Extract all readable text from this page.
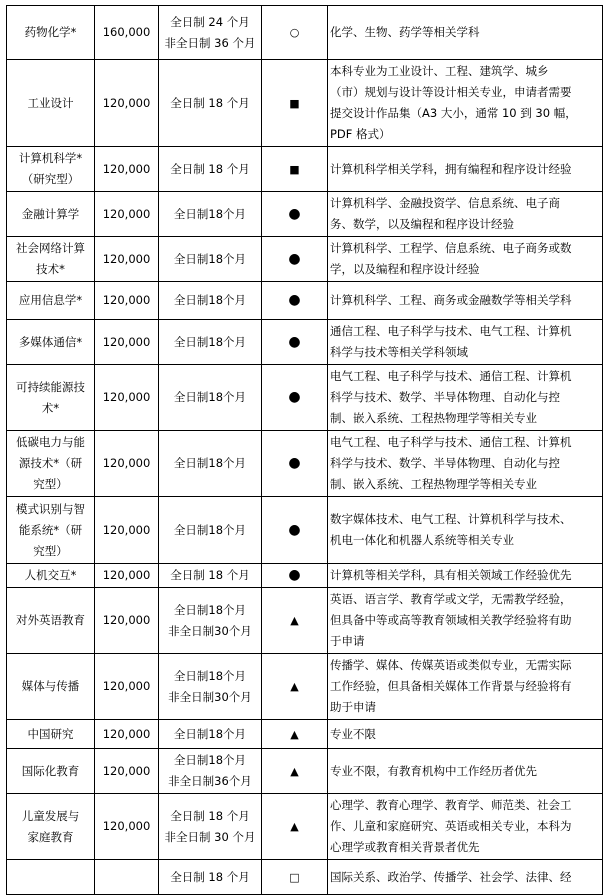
药物化学*	160,000	全日制 24 个月
非全日制 36 个月	○	化学、生物、药学等相关学科

工业设计	120,000	全日制 18 个月	■	本科专业为工业设计、工程、建筑学、城乡
（市）规划与设计等设计相关专业，申请者需要
提交设计作品集（A3 大小，通常 10 到 30 幅，
PDF 格式）

计算机科学*
（研究型）	120,000	全日制 18 个月	■	计算机科学相关学科，拥有编程和程序设计经验

金融计算学	120,000	全日制18个月	●	计算机科学、金融投资学、信息系统、电子商
务、数学，以及编程和程序设计经验

社会网络计算
技术*	120,000	全日制18个月	●	计算机科学、工程学、信息系统、电子商务或数
学，以及编程和程序设计经验

应用信息学*	120,000	全日制18个月	●	计算机科学、工程、商务或金融数学等相关学科

多媒体通信*	120,000	全日制18个月	●	通信工程、电子科学与技术、电气工程、计算机
科学与技术等相关学科领域

可持续能源技
术*	120,000	全日制18个月	●	电气工程、电子科学与技术、通信工程、计算机
科学与技术、数学、半导体物理、自动化与控
制、嵌入系统、工程热物理学等相关专业

低碳电力与能
源技术*（研
究型）	120,000	全日制18个月	●	电气工程、电子科学与技术、通信工程、计算机
科学与技术、数学、半导体物理、自动化与控
制、嵌入系统、工程热物理学等相关专业

模式识别与智
能系统*（研
究型）	120,000	全日制18个月	●	数字媒体技术、电气工程、计算机科学与技术、
机电一体化和机器人系统等相关专业

人机交互*	120,000	全日制 18 个月	●	计算机等相关学科，具有相关领域工作经验优先

对外英语教育	120,000	全日制18个月
非全日制30个月	▲	英语、语言学、教育学或文学，无需教学经验，
但具备中等或高等教育领域相关教学经验将有助
于申请

媒体与传播	120,000	全日制18个月
非全日制30个月	▲	传播学、媒体、传媒英语或类似专业，无需实际
工作经验，但具备相关媒体工作背景与经验将有
助于申请

中国研究	120,000	全日制18个月	▲	专业不限

国际化教育	120,000	全日制18个月
非全日制36个月	▲	专业不限，有教育机构中工作经历者优先

儿童发展与
家庭教育	120,000	全日制 18 个月
非全日制 30 个月	▲	心理学、教育心理学、教育学、师范类、社会工
作、儿童和家庭研究、英语或相关专业，本科为
心理学或教育相关背景者优先

		全日制 18 个月	□	国际关系、政治学、传播学、社会学、法律、经
